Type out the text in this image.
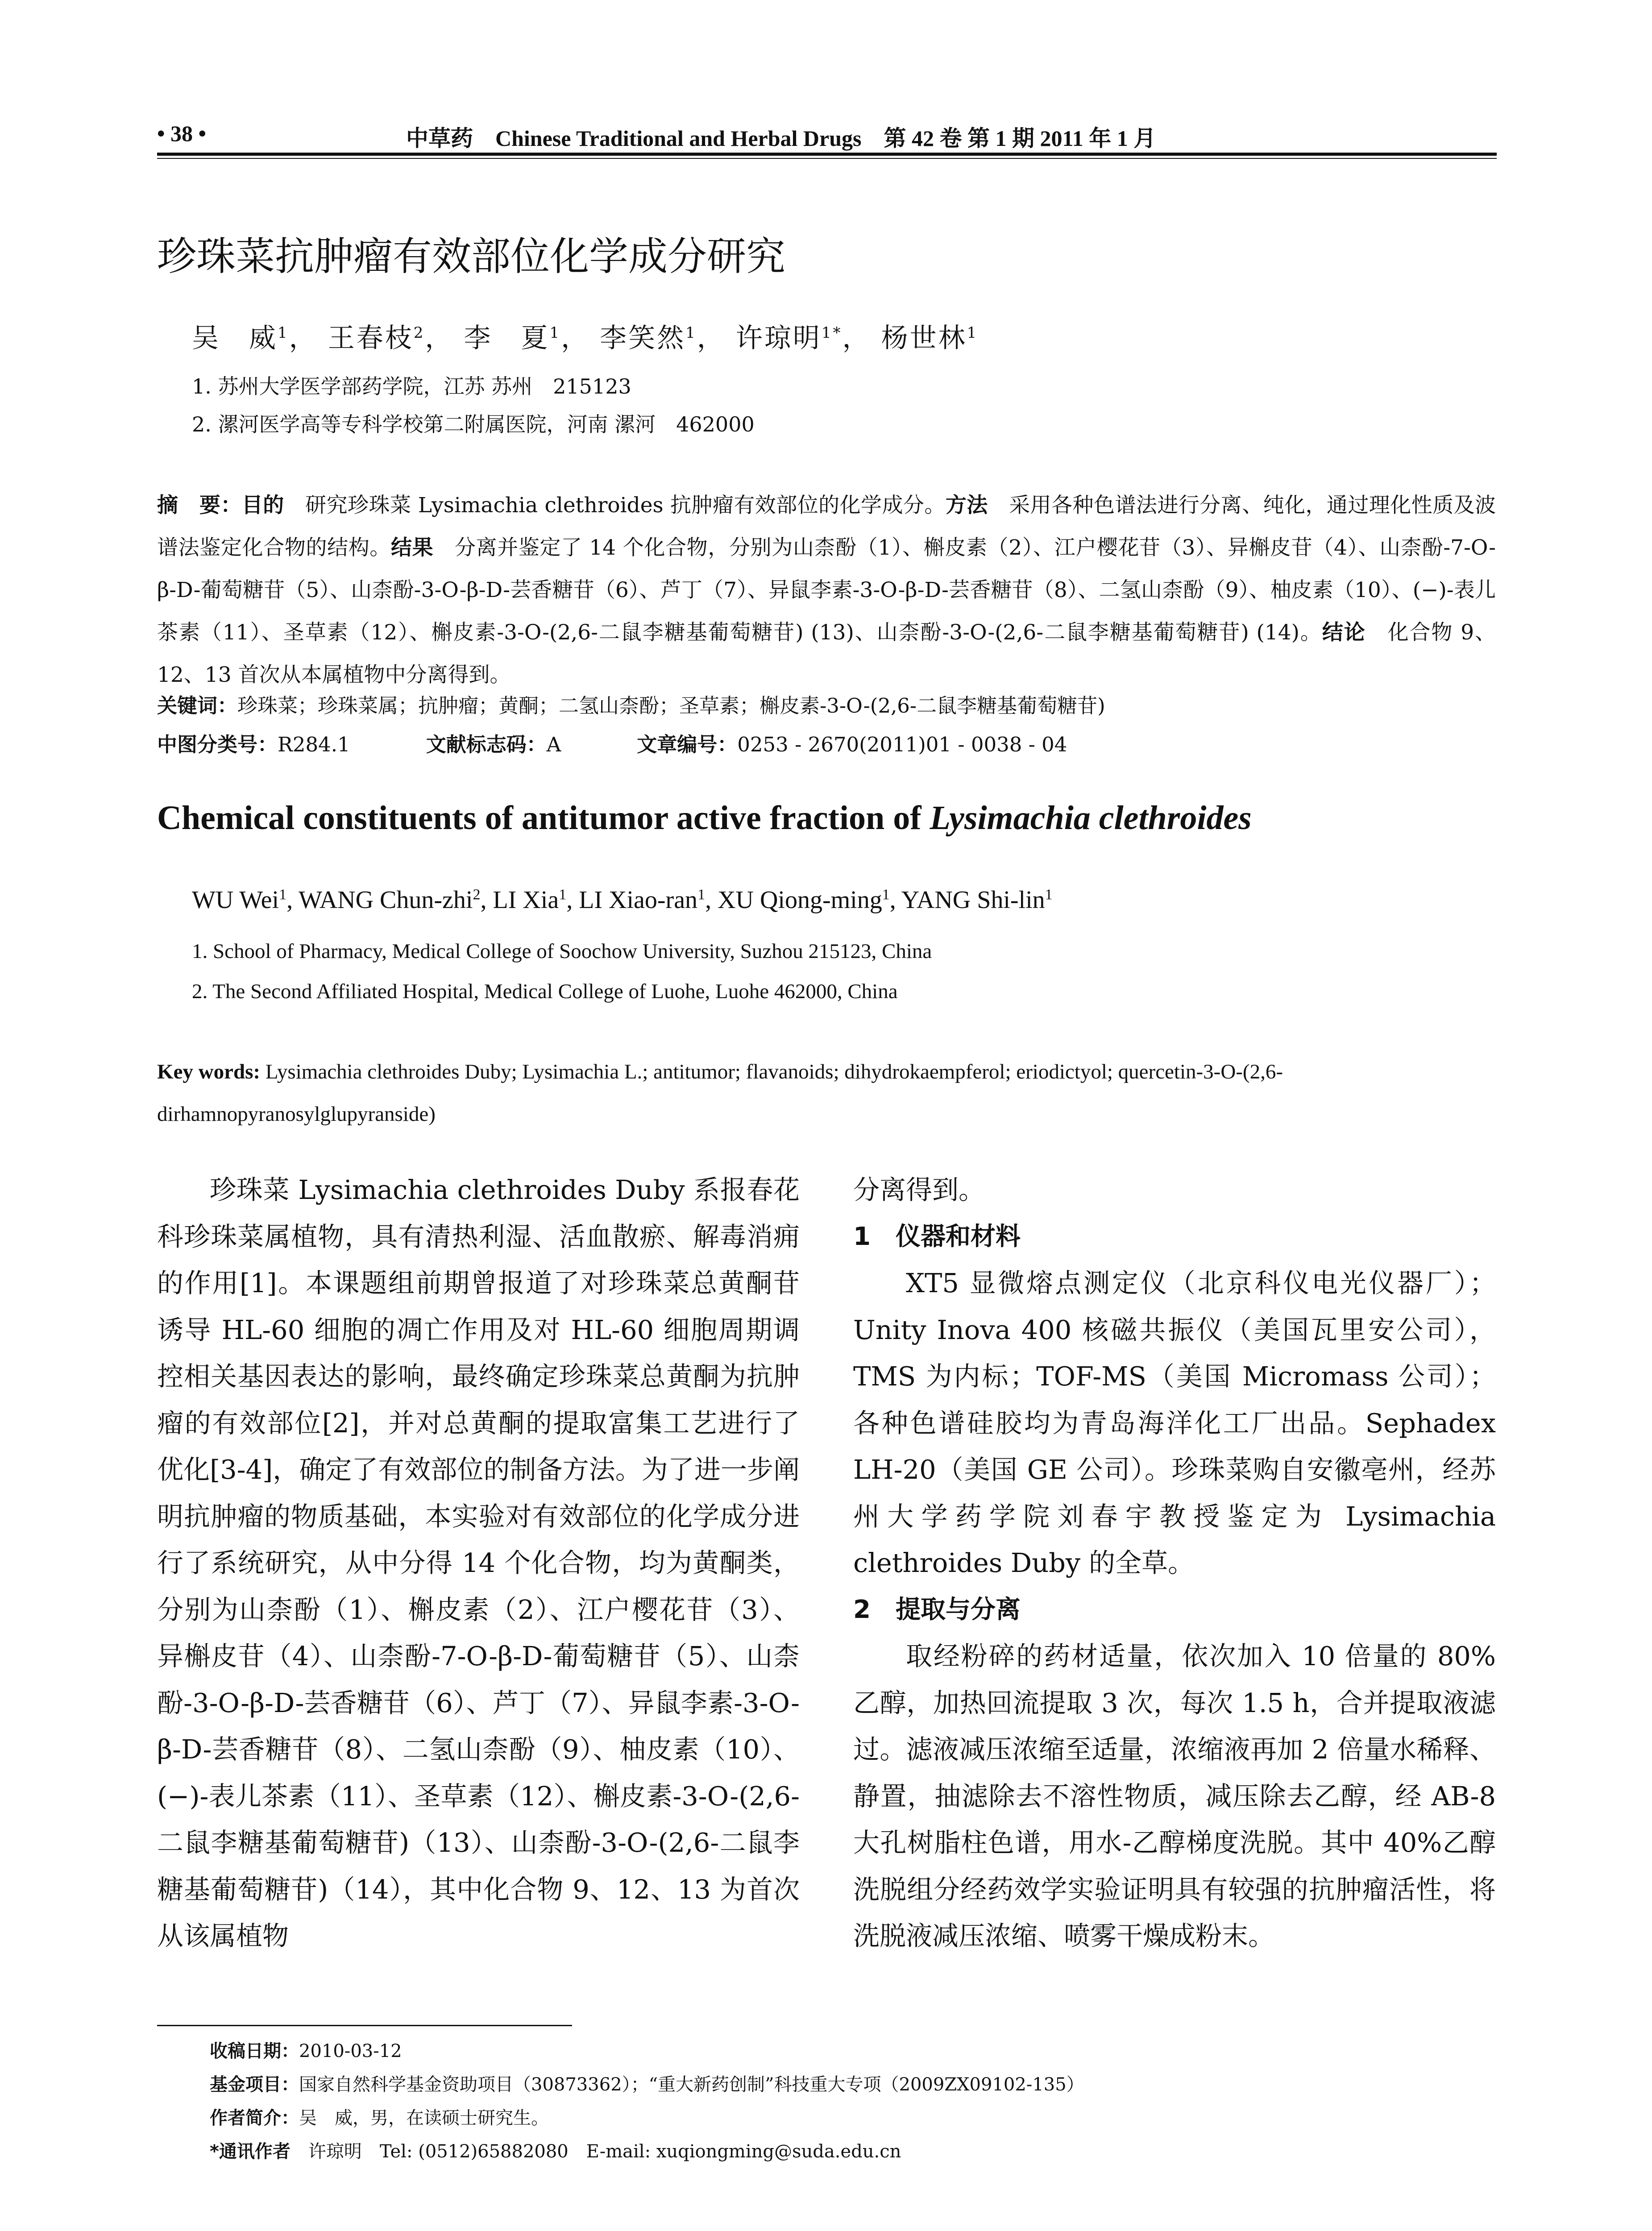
• 38 •	中草药　Chinese Traditional and Herbal Drugs　第 42 卷 第 1 期 2011 年 1 月
珍珠菜抗肿瘤有效部位化学成分研究
吴　威$^1$， 王春枝$^2$， 李　夏$^1$， 李笑然$^1$， 许琼明$^{1*}$， 杨世林$^1$
1. 苏州大学医学部药学院，江苏 苏州　215123
2. 漯河医学高等专科学校第二附属医院，河南 漯河　462000
摘　要：目的　 研究珍珠菜 Lysimachia clethroides 抗肿瘤有效部位的化学成分。方法　 采用各种色谱法进行分离、纯化，通过理化性质及波谱法鉴定化合物的结构。结果　 分离并鉴定了 14 个化合物，分别为山柰酚（1）、槲皮素（2）、江户樱花苷（3）、异槲皮苷（4）、山柰酚-7-O-β-D-葡萄糖苷（5）、山柰酚-3-O-β-D-芸香糖苷（6）、芦丁（7）、异鼠李素-3-O-β-D-芸香糖苷（8）、二氢山柰酚（9）、柚皮素（10）、(−)-表儿茶素（11）、圣草素（12）、槲皮素-3-O-(2,6-二鼠李糖基葡萄糖苷) (13)、山柰酚-3-O-(2,6-二鼠李糖基葡萄糖苷) (14)。结论　 化合物 9、12、13 首次从本属植物中分离得到。
关键词：珍珠菜；珍珠菜属；抗肿瘤；黄酮；二氢山柰酚；圣草素；槲皮素-3-O-(2,6-二鼠李糖基葡萄糖苷)
中图分类号：R284.1	文献标志码：A	文章编号：0253 - 2670(2011)01 - 0038 - 04
Chemical constituents of antitumor active fraction of Lysimachia clethroides
WU Wei$^1$, WANG Chun-zhi$^2$, LI Xia$^1$, LI Xiao-ran$^1$, XU Qiong-ming$^1$, YANG Shi-lin$^1$
1. School of Pharmacy, Medical College of Soochow University, Suzhou 215123, China
2. The Second Affiliated Hospital, Medical College of Luohe, Luohe 462000, China
Key words: Lysimachia clethroides Duby; Lysimachia L.; antitumor; flavanoids; dihydrokaempferol; eriodictyol; quercetin-3-O-(2,6-dirhamnopyranosylglupyranside)

珍珠菜 Lysimachia clethroides Duby 系报春花科珍珠菜属植物，具有清热利湿、活血散瘀、解毒消痈的作用[1]。本课题组前期曾报道了对珍珠菜总黄酮苷诱导 HL-60 细胞的凋亡作用及对 HL-60 细胞周期调控相关基因表达的影响，最终确定珍珠菜总黄酮为抗肿瘤的有效部位[2]，并对总黄酮的提取富集工艺进行了优化[3-4]，确定了有效部位的制备方法。为了进一步阐明抗肿瘤的物质基础，本实验对有效部位的化学成分进行了系统研究，从中分得 14 个化合物，均为黄酮类，分别为山柰酚（1）、槲皮素（2）、江户樱花苷（3）、异槲皮苷（4）、山柰酚-7-O-β-D-葡萄糖苷（5）、山柰酚-3-O-β-D-芸香糖苷（6）、芦丁（7）、异鼠李素-3-O-β-D-芸香糖苷（8）、二氢山柰酚（9）、柚皮素（10）、(−)-表儿茶素（11）、圣草素（12）、槲皮素-3-O-(2,6-二鼠李糖基葡萄糖苷)（13）、山柰酚-3-O-(2,6-二鼠李糖基葡萄糖苷)（14），其中化合物 9、12、13 为首次从该属植物

分离得到。

1　仪器和材料

XT5 显微熔点测定仪（北京科仪电光仪器厂）；Unity Inova 400 核磁共振仪（美国瓦里安公司），TMS 为内标；TOF-MS（美国 Micromass 公司）；各种色谱硅胶均为青岛海洋化工厂出品。Sephadex LH-20（美国 GE 公司）。珍珠菜购自安徽亳州，经苏州大学药学院刘春宇教授鉴定为 Lysimachia clethroides Duby 的全草。

2　提取与分离

取经粉碎的药材适量，依次加入 10 倍量的 80% 乙醇，加热回流提取 3 次，每次 1.5 h，合并提取液滤过。滤液减压浓缩至适量，浓缩液再加 2 倍量水稀释、静置，抽滤除去不溶性物质，减压除去乙醇，经 AB-8 大孔树脂柱色谱，用水-乙醇梯度洗脱。其中 40%乙醇洗脱组分经药效学实验证明具有较强的抗肿瘤活性，将洗脱液减压浓缩、喷雾干燥成粉末。

收稿日期：2010-03-12
基金项目：国家自然科学基金资助项目（30873362）；“重大新药创制”科技重大专项（2009ZX09102-135）
作者简介：吴　威，男，在读硕士研究生。
*通讯作者　 许琼明　Tel: (0512)65882080　E-mail: xuqiongming@suda.edu.cn
